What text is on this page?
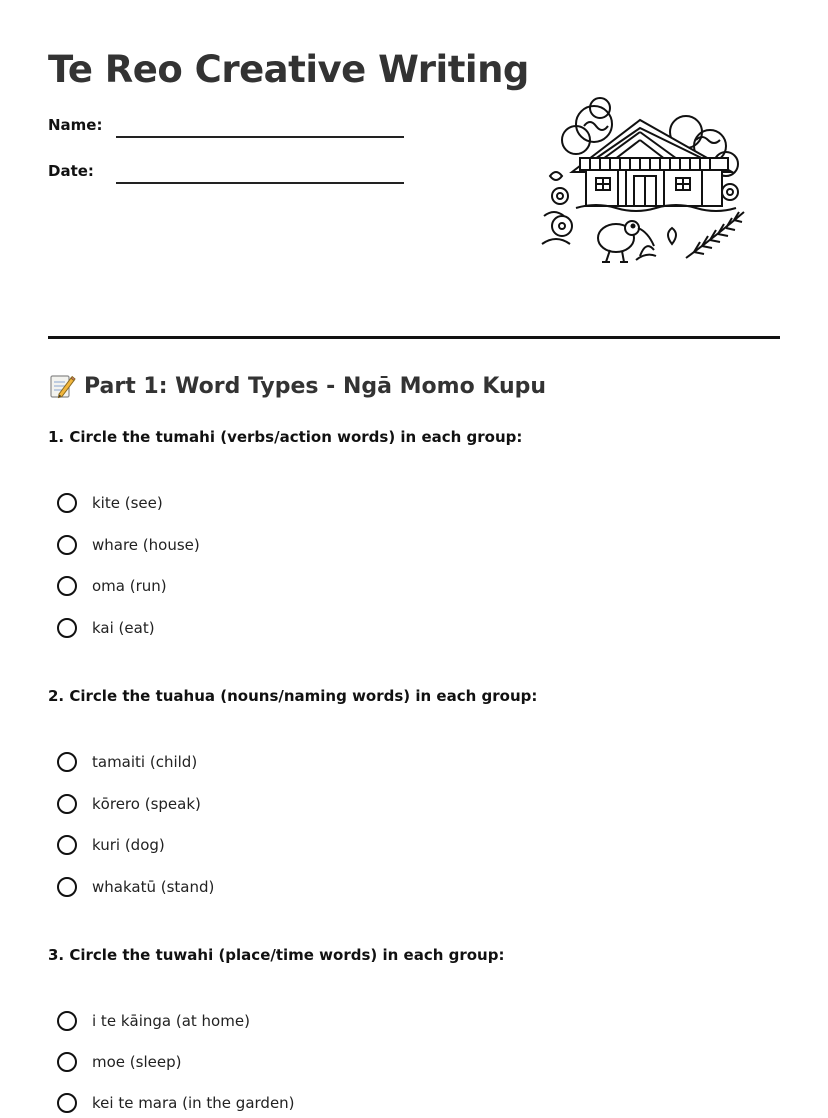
Te Reo Creative Writing
Name:
Date:
Part 1: Word Types - Ngā Momo Kupu

1. Circle the tumahi (verbs/action words) in each group:

kite (see)
whare (house)
oma (run)
kai (eat)

2. Circle the tuahua (nouns/naming words) in each group:

tamaiti (child)
kōrero (speak)
kuri (dog)
whakatū (stand)

3. Circle the tuwahi (place/time words) in each group:

i te kāinga (at home)
moe (sleep)
kei te mara (in the garden)
